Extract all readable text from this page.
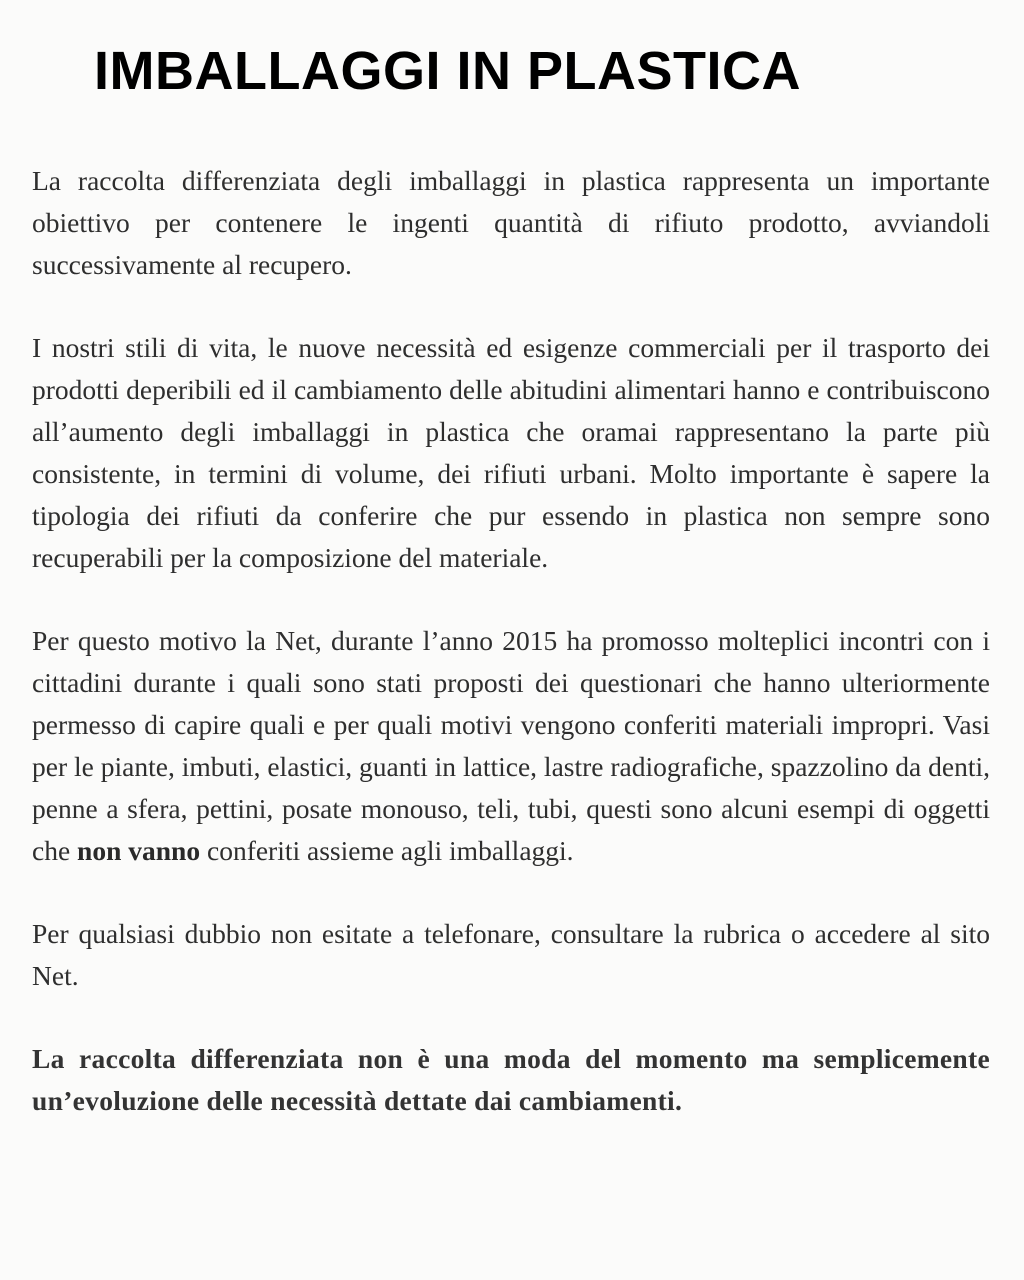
IMBALLAGGI IN PLASTICA

La raccolta differenziata degli imballaggi in plastica rappresenta un importante obiettivo per contenere le ingenti quantità di rifiuto prodotto, avviandoli successivamente al recupero.

I nostri stili di vita, le nuove necessità ed esigenze commerciali per il trasporto dei prodotti deperibili ed il cambiamento delle abitudini alimentari hanno e contribuiscono all’aumento degli imballaggi in plastica che oramai rappresentano la parte più consistente, in termini di volume, dei rifiuti urbani. Molto importante è sapere la tipologia dei rifiuti da conferire che pur essendo in plastica non sempre sono recuperabili per la composizione del materiale.

Per questo motivo la Net, durante l’anno 2015 ha promosso molteplici incontri con i cittadini durante i quali sono stati proposti dei questionari che hanno ulteriormente permesso di capire quali e per quali motivi vengono conferiti materiali impropri. Vasi per le piante, imbuti, elastici, guanti in lattice, lastre radiografiche, spazzolino da denti, penne a sfera, pettini, posate monouso, teli, tubi, questi sono alcuni esempi di oggetti che non vanno conferiti assieme agli imballaggi.

Per qualsiasi dubbio non esitate a telefonare, consultare la rubrica o accedere al sito Net.

La raccolta differenziata non è una moda del momento ma semplicemente un’evoluzione delle necessità dettate dai cambiamenti.
